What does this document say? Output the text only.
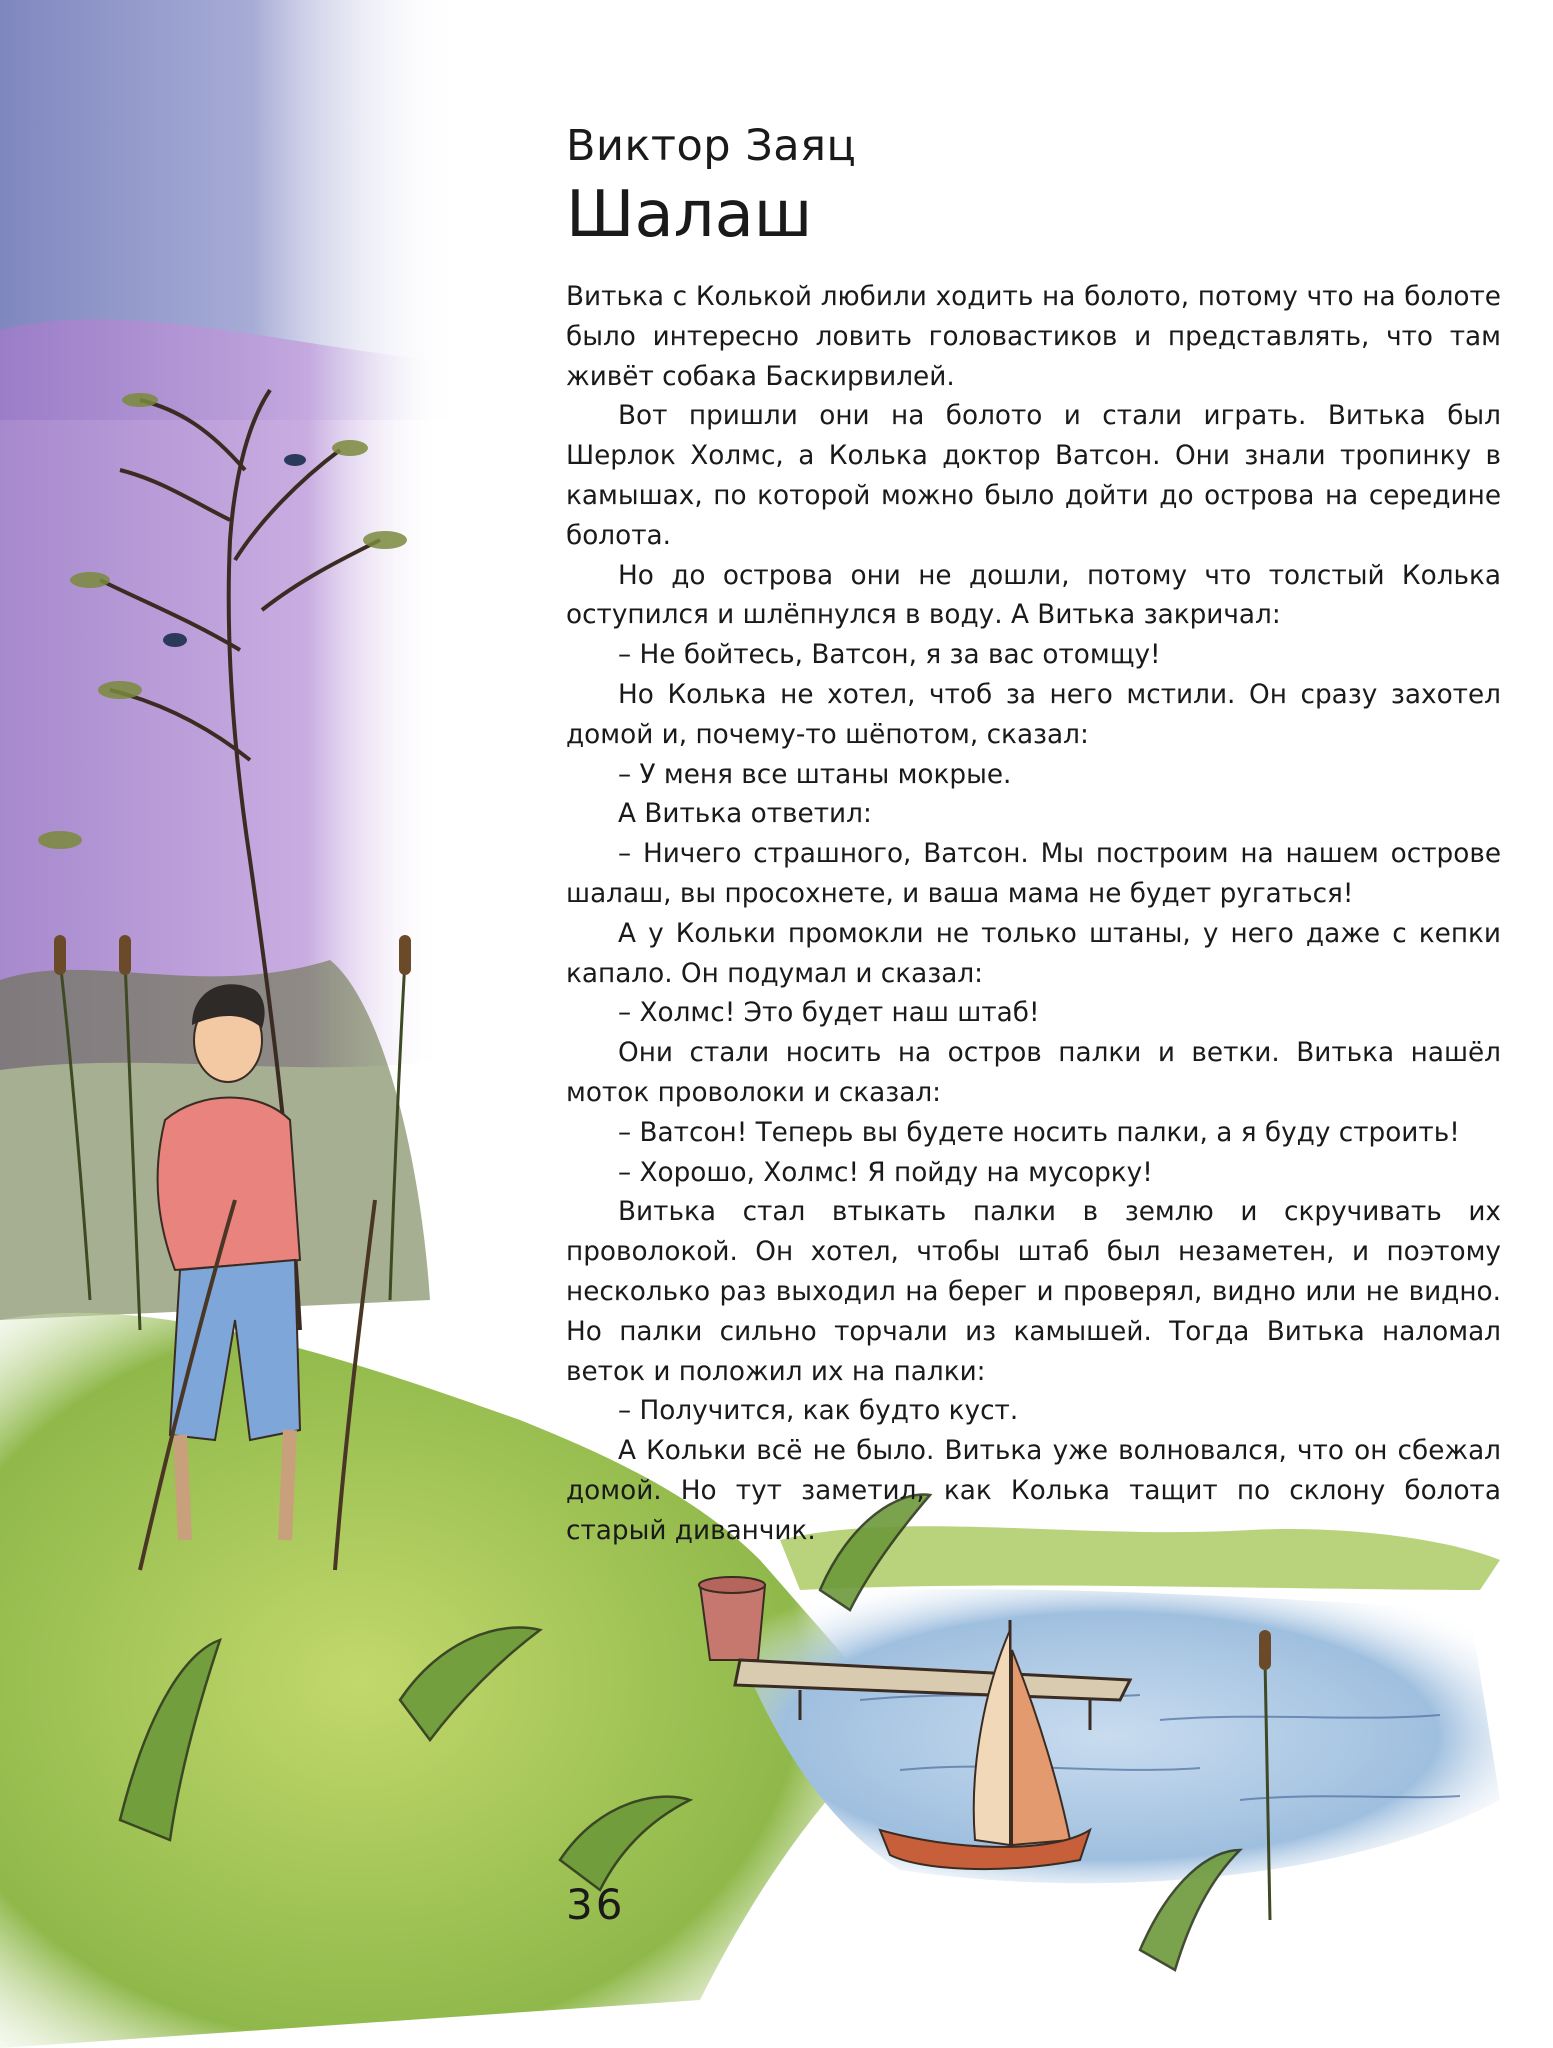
Виктор Заяц
Шалаш

Витька с Колькой любили ходить на болото, потому что на болоте было интересно ловить головастиков и представлять, что там живёт собака Баскирвилей.

Вот пришли они на болото и стали играть. Витька был Шерлок Холмс, а Колька доктор Ватсон. Они знали тропинку в камышах, по которой можно было дойти до острова на середине болота.

Но до острова они не дошли, потому что толстый Колька оступился и шлёпнулся в воду. А Витька закричал:

– Не бойтесь, Ватсон, я за вас отомщу!

Но Колька не хотел, чтоб за него мстили. Он сразу захотел домой и, почему-то шёпотом, сказал:

– У меня все штаны мокрые.

А Витька ответил:

– Ничего страшного, Ватсон. Мы построим на нашем острове шалаш, вы просохнете, и ваша мама не будет ругаться!

А у Кольки промокли не только штаны, у него даже с кепки капало. Он подумал и сказал:

– Холмс! Это будет наш штаб!

Они стали носить на остров палки и ветки. Витька нашёл моток проволоки и сказал:

– Ватсон! Теперь вы будете носить палки, а я буду строить!

– Хорошо, Холмс! Я пойду на мусорку!

Витька стал втыкать палки в землю и скручивать их проволокой. Он хотел, чтобы штаб был незаметен, и поэтому несколько раз выходил на берег и проверял, видно или не видно. Но палки сильно торчали из камышей. Тогда Витька наломал веток и положил их на палки:

– Получится, как будто куст.

А Кольки всё не было. Витька уже волновался, что он сбежал домой. Но тут заметил, как Колька тащит по склону болота старый диванчик.

36
